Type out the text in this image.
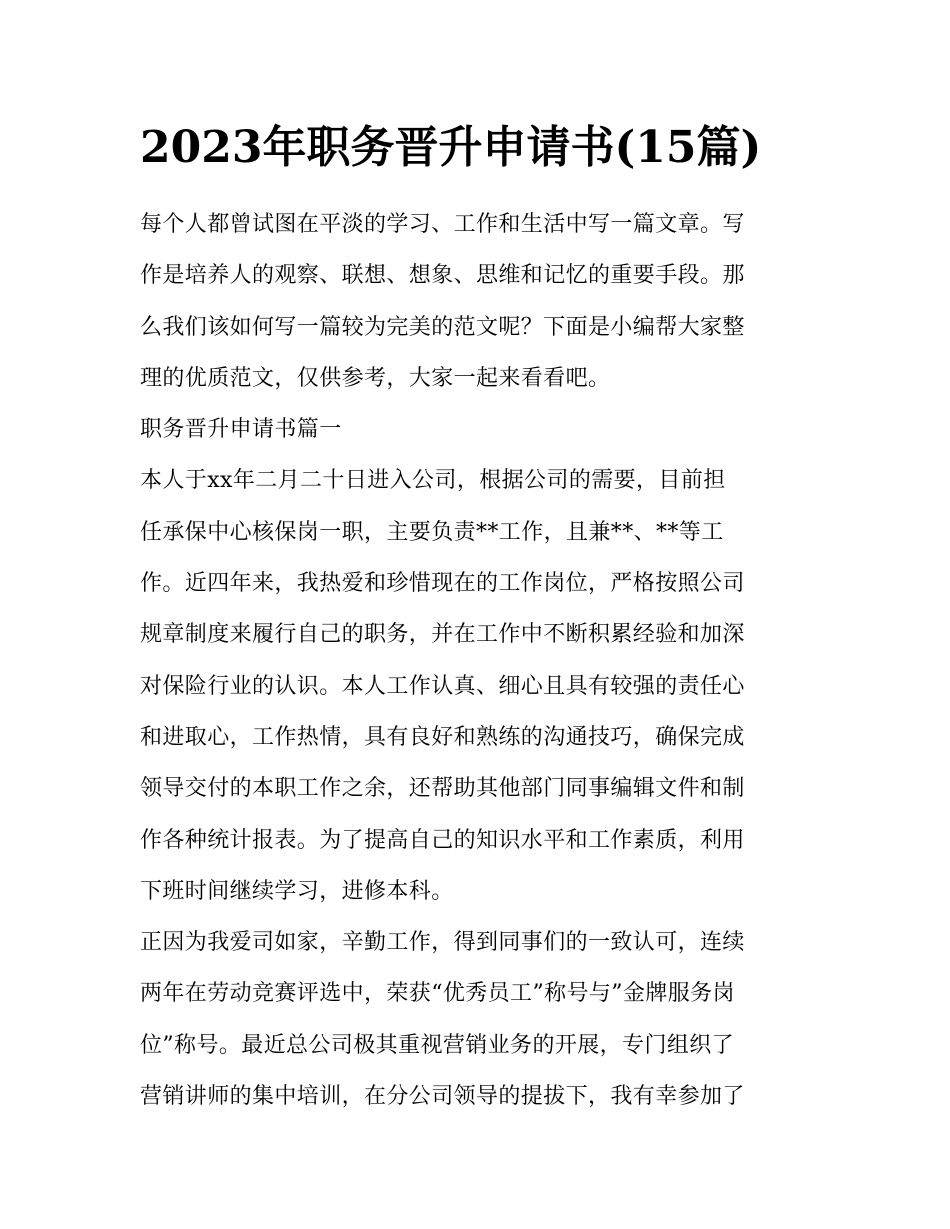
2023年职务晋升申请书(15篇)
每个人都曾试图在平淡的学习、工作和生活中写一篇文章。写
作是培养人的观察、联想、想象、思维和记忆的重要手段。那
么我们该如何写一篇较为完美的范文呢？下面是小编帮大家整
理的优质范文，仅供参考，大家一起来看看吧。
职务晋升申请书篇一
本人于xx年二月二十日进入公司，根据公司的需要，目前担
任承保中心核保岗一职，主要负责**工作，且兼**、**等工
作。近四年来，我热爱和珍惜现在的工作岗位，严格按照公司
规章制度来履行自己的职务，并在工作中不断积累经验和加深
对保险行业的认识。本人工作认真、细心且具有较强的责任心
和进取心，工作热情，具有良好和熟练的沟通技巧，确保完成
领导交付的本职工作之余，还帮助其他部门同事编辑文件和制
作各种统计报表。为了提高自己的知识水平和工作素质，利用
下班时间继续学习，进修本科。
正因为我爱司如家，辛勤工作，得到同事们的一致认可，连续
两年在劳动竞赛评选中，荣获“优秀员工”称号与”金牌服务岗
位”称号。最近总公司极其重视营销业务的开展，专门组织了
营销讲师的集中培训，在分公司领导的提拔下，我有幸参加了
